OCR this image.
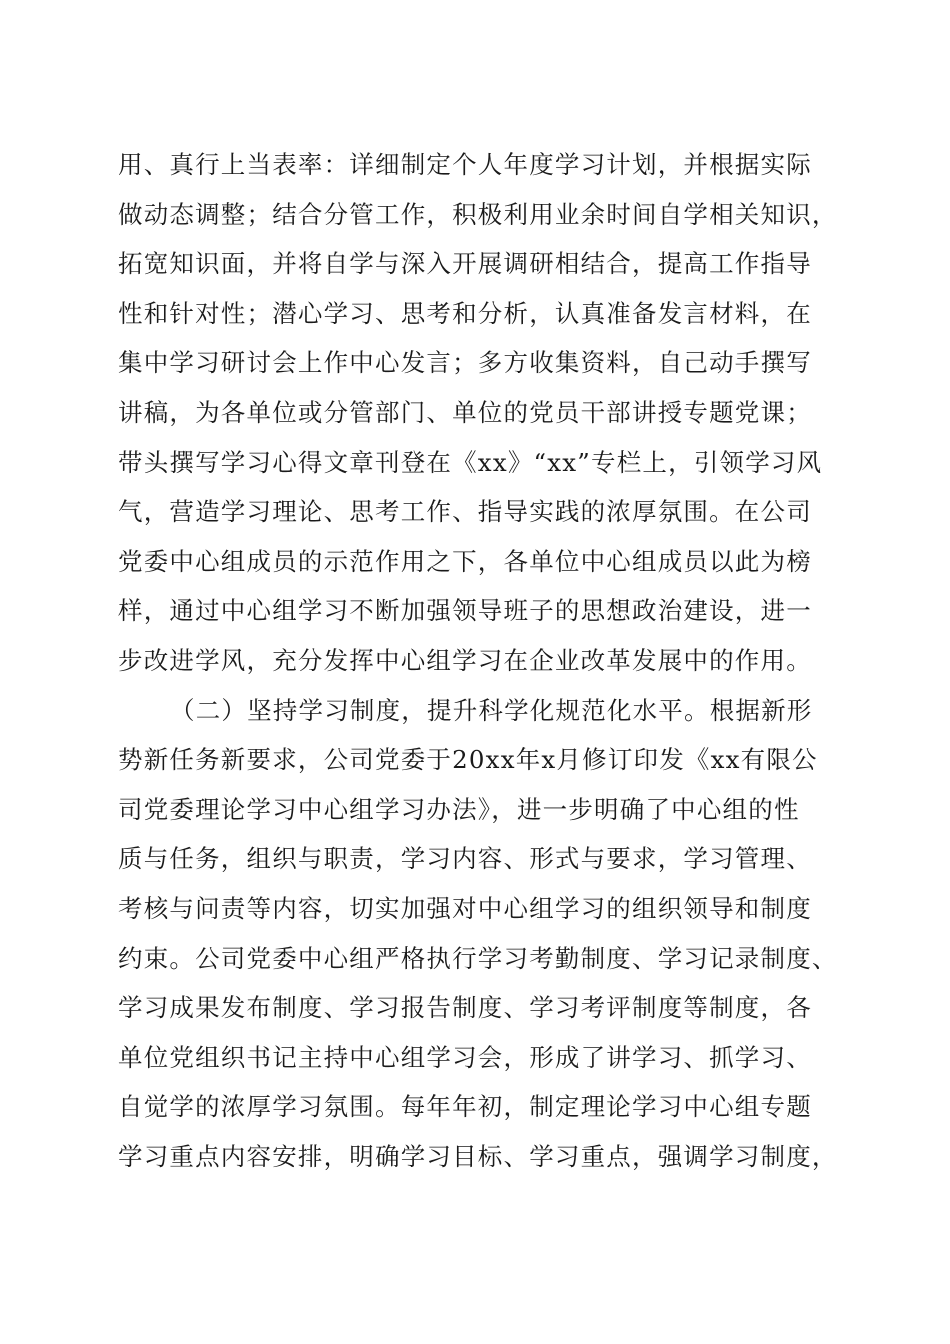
用、真行上当表率：详细制定个人年度学习计划，并根据实际
做动态调整；结合分管工作，积极利用业余时间自学相关知识，
拓宽知识面，并将自学与深入开展调研相结合，提高工作指导
性和针对性；潜心学习、思考和分析，认真准备发言材料，在
集中学习研讨会上作中心发言；多方收集资料，自己动手撰写
讲稿，为各单位或分管部门、单位的党员干部讲授专题党课；
带头撰写学习心得文章刊登在《xx》“xx”专栏上，引领学习风
气，营造学习理论、思考工作、指导实践的浓厚氛围。在公司
党委中心组成员的示范作用之下，各单位中心组成员以此为榜
样，通过中心组学习不断加强领导班子的思想政治建设，进一
步改进学风，充分发挥中心组学习在企业改革发展中的作用。
（二）坚持学习制度，提升科学化规范化水平。根据新形
势新任务新要求，公司党委于20xx年x月修订印发《xx有限公
司党委理论学习中心组学习办法》，进一步明确了中心组的性
质与任务，组织与职责，学习内容、形式与要求，学习管理、
考核与问责等内容，切实加强对中心组学习的组织领导和制度
约束。公司党委中心组严格执行学习考勤制度、学习记录制度、
学习成果发布制度、学习报告制度、学习考评制度等制度，各
单位党组织书记主持中心组学习会，形成了讲学习、抓学习、
自觉学的浓厚学习氛围。每年年初，制定理论学习中心组专题
学习重点内容安排，明确学习目标、学习重点，强调学习制度，
